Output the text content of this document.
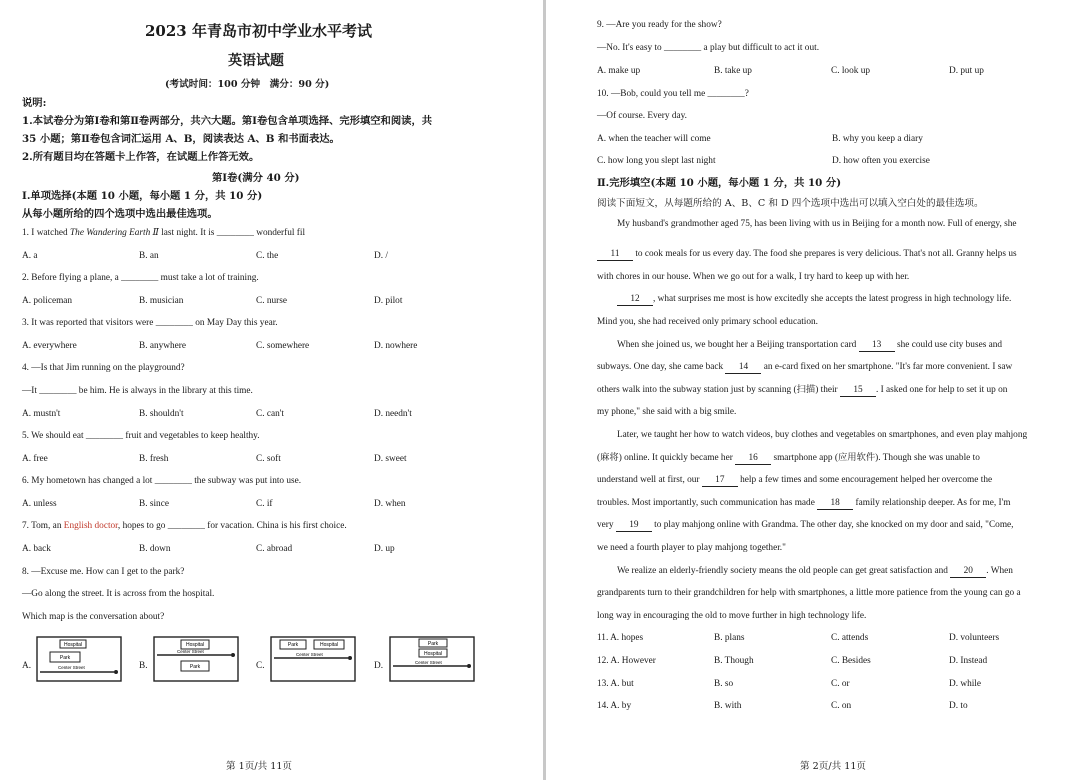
2023 年青岛市初中学业水平考试
英语试题
(考试时间：100 分钟　满分：90 分)
说明:
1.本试卷分为第Ⅰ卷和第Ⅱ卷两部分，共六大题。第Ⅰ卷包含单项选择、完形填空和阅读，共
35 小题；第Ⅱ卷包含词汇运用 A、B，阅读表达 A、B 和书面表达。
2.所有题目均在答题卡上作答，在试题上作答无效。
第Ⅰ卷(满分 40 分)
Ⅰ.单项选择(本题 10 小题，每小题 1 分，共 10 分)
从每小题所给的四个选项中选出最佳选项。
1. I watched The Wandering Earth Ⅱ last night. It is ________ wonderful fil
A. a	B. an	C. the	D. /
2. Before flying a plane, a ________ must take a lot of training.
A. policeman	B. musician	C. nurse	D. pilot
3. It was reported that visitors were ________ on May Day this year.
A. everywhere	B. anywhere	C. somewhere	D. nowhere
4. —Is that Jim running on the playground?
—It ________ be him. He is always in the library at this time.
A. mustn't	B. shouldn't	C. can't	D. needn't
5. We should eat ________ fruit and vegetables to keep healthy.
A. free	B. fresh	C. soft	D. sweet
6. My hometown has changed a lot ________ the subway was put into use.
A. unless	B. since	C. if	D. when
7. Tom, an English doctor, hopes to go ________ for vacation. China is his first choice.
A. back	B. down	C. abroad	D. up
8. —Excuse me. How can I get to the park?
—Go along the street. It is across from the hospital.
Which map is the conversation about?
A.	B.	C.	D.
Hospital
Park
Center Street
Hospital
Center Street
Park
Park	Hospital
Center Street
Park
Hospital
Center Street
第 1页/共 11页
9. —Are you ready for the show?
—No. It's easy to ________ a play but difficult to act it out.
A. make up	B. take up	C. look up	D. put up
10. —Bob, could you tell me ________?
—Of course. Every day.
A. when the teacher will come	B. why you keep a diary
C. how long you slept last night	D. how often you exercise
Ⅱ.完形填空(本题 10 小题，每小题 1 分，共 10 分)
阅读下面短文，从每题所给的 A、B、C 和 D 四个选项中选出可以填入空白处的最佳选项。
My husband's grandmother aged 75, has been living with us in Beijing for a month now. Full of energy, she
11 to cook meals for us every day. The food she prepares is very delicious. That's not all. Granny helps us
with chores in our house. When we go out for a walk, I try hard to keep up with her.
12 , what surprises me most is how excitedly she accepts the latest progress in high technology life.
Mind you, she had received only primary school education.
When she joined us, we bought her a Beijing transportation card 13 she could use city buses and
subways. One day, she came back 14 an e-card fixed on her smartphone. "It's far more convenient. I saw
others walk into the subway station just by scanning (扫描) their 15 . I asked one for help to set it up on
my phone," she said with a big smile.
Later, we taught her how to watch videos, buy clothes and vegetables on smartphones, and even play mahjong
(麻将) online. It quickly became her 16 smartphone app (应用软件). Though she was unable to
understand well at first, our 17 help a few times and some encouragement helped her overcome the
troubles. Most importantly, such communication has made 18 family relationship deeper. As for me, I'm
very 19 to play mahjong online with Grandma. The other day, she knocked on my door and said, "Come,
we need a fourth player to play mahjong together."
We realize an elderly-friendly society means the old people can get great satisfaction and 20 . When
grandparents turn to their grandchildren for help with smartphones, a little more patience from the young can go a
long way in encouraging the old to move further in high technology life.
11. A. hopes	B. plans	C. attends	D. volunteers
12. A. However	B. Though	C. Besides	D. Instead
13. A. but	B. so	C. or	D. while
14. A. by	B. with	C. on	D. to
第 2页/共 11页
